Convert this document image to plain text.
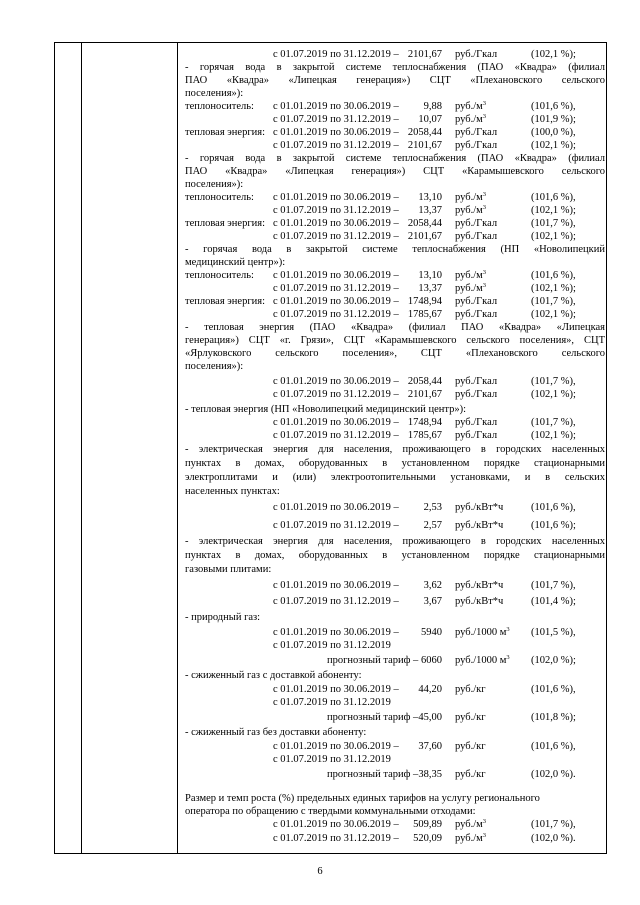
с 01.07.2019 по 31.12.2019 – 2101,67 руб./Гкал	(102,1 %);
- горячая вода в закрытой системе теплоснабжения (ПАО «Квадра» (филиал
ПАО «Квадра» «Липецкая генерация») СЦТ «Плехановского сельского
поселения»):
теплоноситель: с 01.01.2019 по 30.06.2019 –	9,88 $руб./м^3$	(101,6 %),
с 01.07.2019 по 31.12.2019 –	10,07 $руб./м^3$	(101,9 %);
тепловая энергия: с 01.01.2019 по 30.06.2019 – 2058,44 руб./Гкал	(100,0 %),
с 01.07.2019 по 31.12.2019 – 2101,67 руб./Гкал	(102,1 %);
- горячая вода в закрытой системе теплоснабжения (ПАО «Квадра» (филиал
ПАО «Квадра» «Липецкая генерация») СЦТ «Карамышевского сельского
поселения»):
теплоноситель: с 01.01.2019 по 30.06.2019 –	13,10 $руб./м^3$	(101,6 %),
с 01.07.2019 по 31.12.2019 –	13,37 $руб./м^3$	(102,1 %);
тепловая энергия: с 01.01.2019 по 30.06.2019 – 2058,44 руб./Гкал	(101,7 %),
с 01.07.2019 по 31.12.2019 – 2101,67 руб./Гкал	(102,1 %);
- горячая вода в закрытой системе теплоснабжения (НП «Новолипецкий
медицинский центр»):
теплоноситель: с 01.01.2019 по 30.06.2019 –	13,10 $руб./м^3$	(101,6 %),
с 01.07.2019 по 31.12.2019 –	13,37 $руб./м^3$	(102,1 %);
тепловая энергия: с 01.01.2019 по 30.06.2019 – 1748,94 руб./Гкал	(101,7 %),
с 01.07.2019 по 31.12.2019 – 1785,67 руб./Гкал	(102,1 %);
- тепловая энергия (ПАО «Квадра» (филиал ПАО «Квадра» «Липецкая
генерация») СЦТ «г. Грязи», СЦТ «Карамышевского сельского поселения», СЦТ
«Ярлуковского сельского поселения», СЦТ «Плехановского сельского
поселения»):
с 01.01.2019 по 30.06.2019 – 2058,44 руб./Гкал	(101,7 %),
с 01.07.2019 по 31.12.2019 – 2101,67 руб./Гкал	(102,1 %);
- тепловая энергия (НП «Новолипецкий медицинский центр»):
с 01.01.2019 по 30.06.2019 – 1748,94 руб./Гкал	(101,7 %),
с 01.07.2019 по 31.12.2019 – 1785,67 руб./Гкал	(102,1 %);
- электрическая энергия для населения, проживающего в городских населенных
пунктах в домах, оборудованных в установленном порядке стационарными
электроплитами и (или) электроотопительными установками, и в сельских
населенных пунктах:
с 01.01.2019 по 30.06.2019 –	2,53 руб./кВт*ч	(101,6 %),
с 01.07.2019 по 31.12.2019 –	2,57 руб./кВт*ч	(101,6 %);
- электрическая энергия для населения, проживающего в городских населенных
пунктах в домах, оборудованных в установленном порядке стационарными
газовыми плитами:
с 01.01.2019 по 30.06.2019 –	3,62 руб./кВт*ч	(101,7 %),
с 01.07.2019 по 31.12.2019 –	3,67 руб./кВт*ч	(101,4 %);
- природный газ:
с 01.01.2019 по 30.06.2019 –	5940 руб./1000 $м^3$ (101,5 %),
с 01.07.2019 по 31.12.2019
прогнозный тариф – 6060 руб./1000 $м^3$ (102,0 %);
- сжиженный газ с доставкой абоненту:
с 01.01.2019 по 30.06.2019 –	44,20 руб./кг	(101,6 %),
с 01.07.2019 по 31.12.2019
прогнозный тариф – 45,00 руб./кг	(101,8 %);
- сжиженный газ без доставки абоненту:
с 01.01.2019 по 30.06.2019 –	37,60 руб./кг	(101,6 %),
с 01.07.2019 по 31.12.2019
прогнозный тариф – 38,35 руб./кг	(102,0 %).
Размер и темп роста (%) предельных единых тарифов на услугу регионального
оператора по обращению с твердыми коммунальными отходами:
с 01.01.2019 по 30.06.2019 –	509,89 $руб./м^3$	(101,7 %),
с 01.07.2019 по 31.12.2019 –	520,09 $руб./м^3$	(102,0 %).
6
